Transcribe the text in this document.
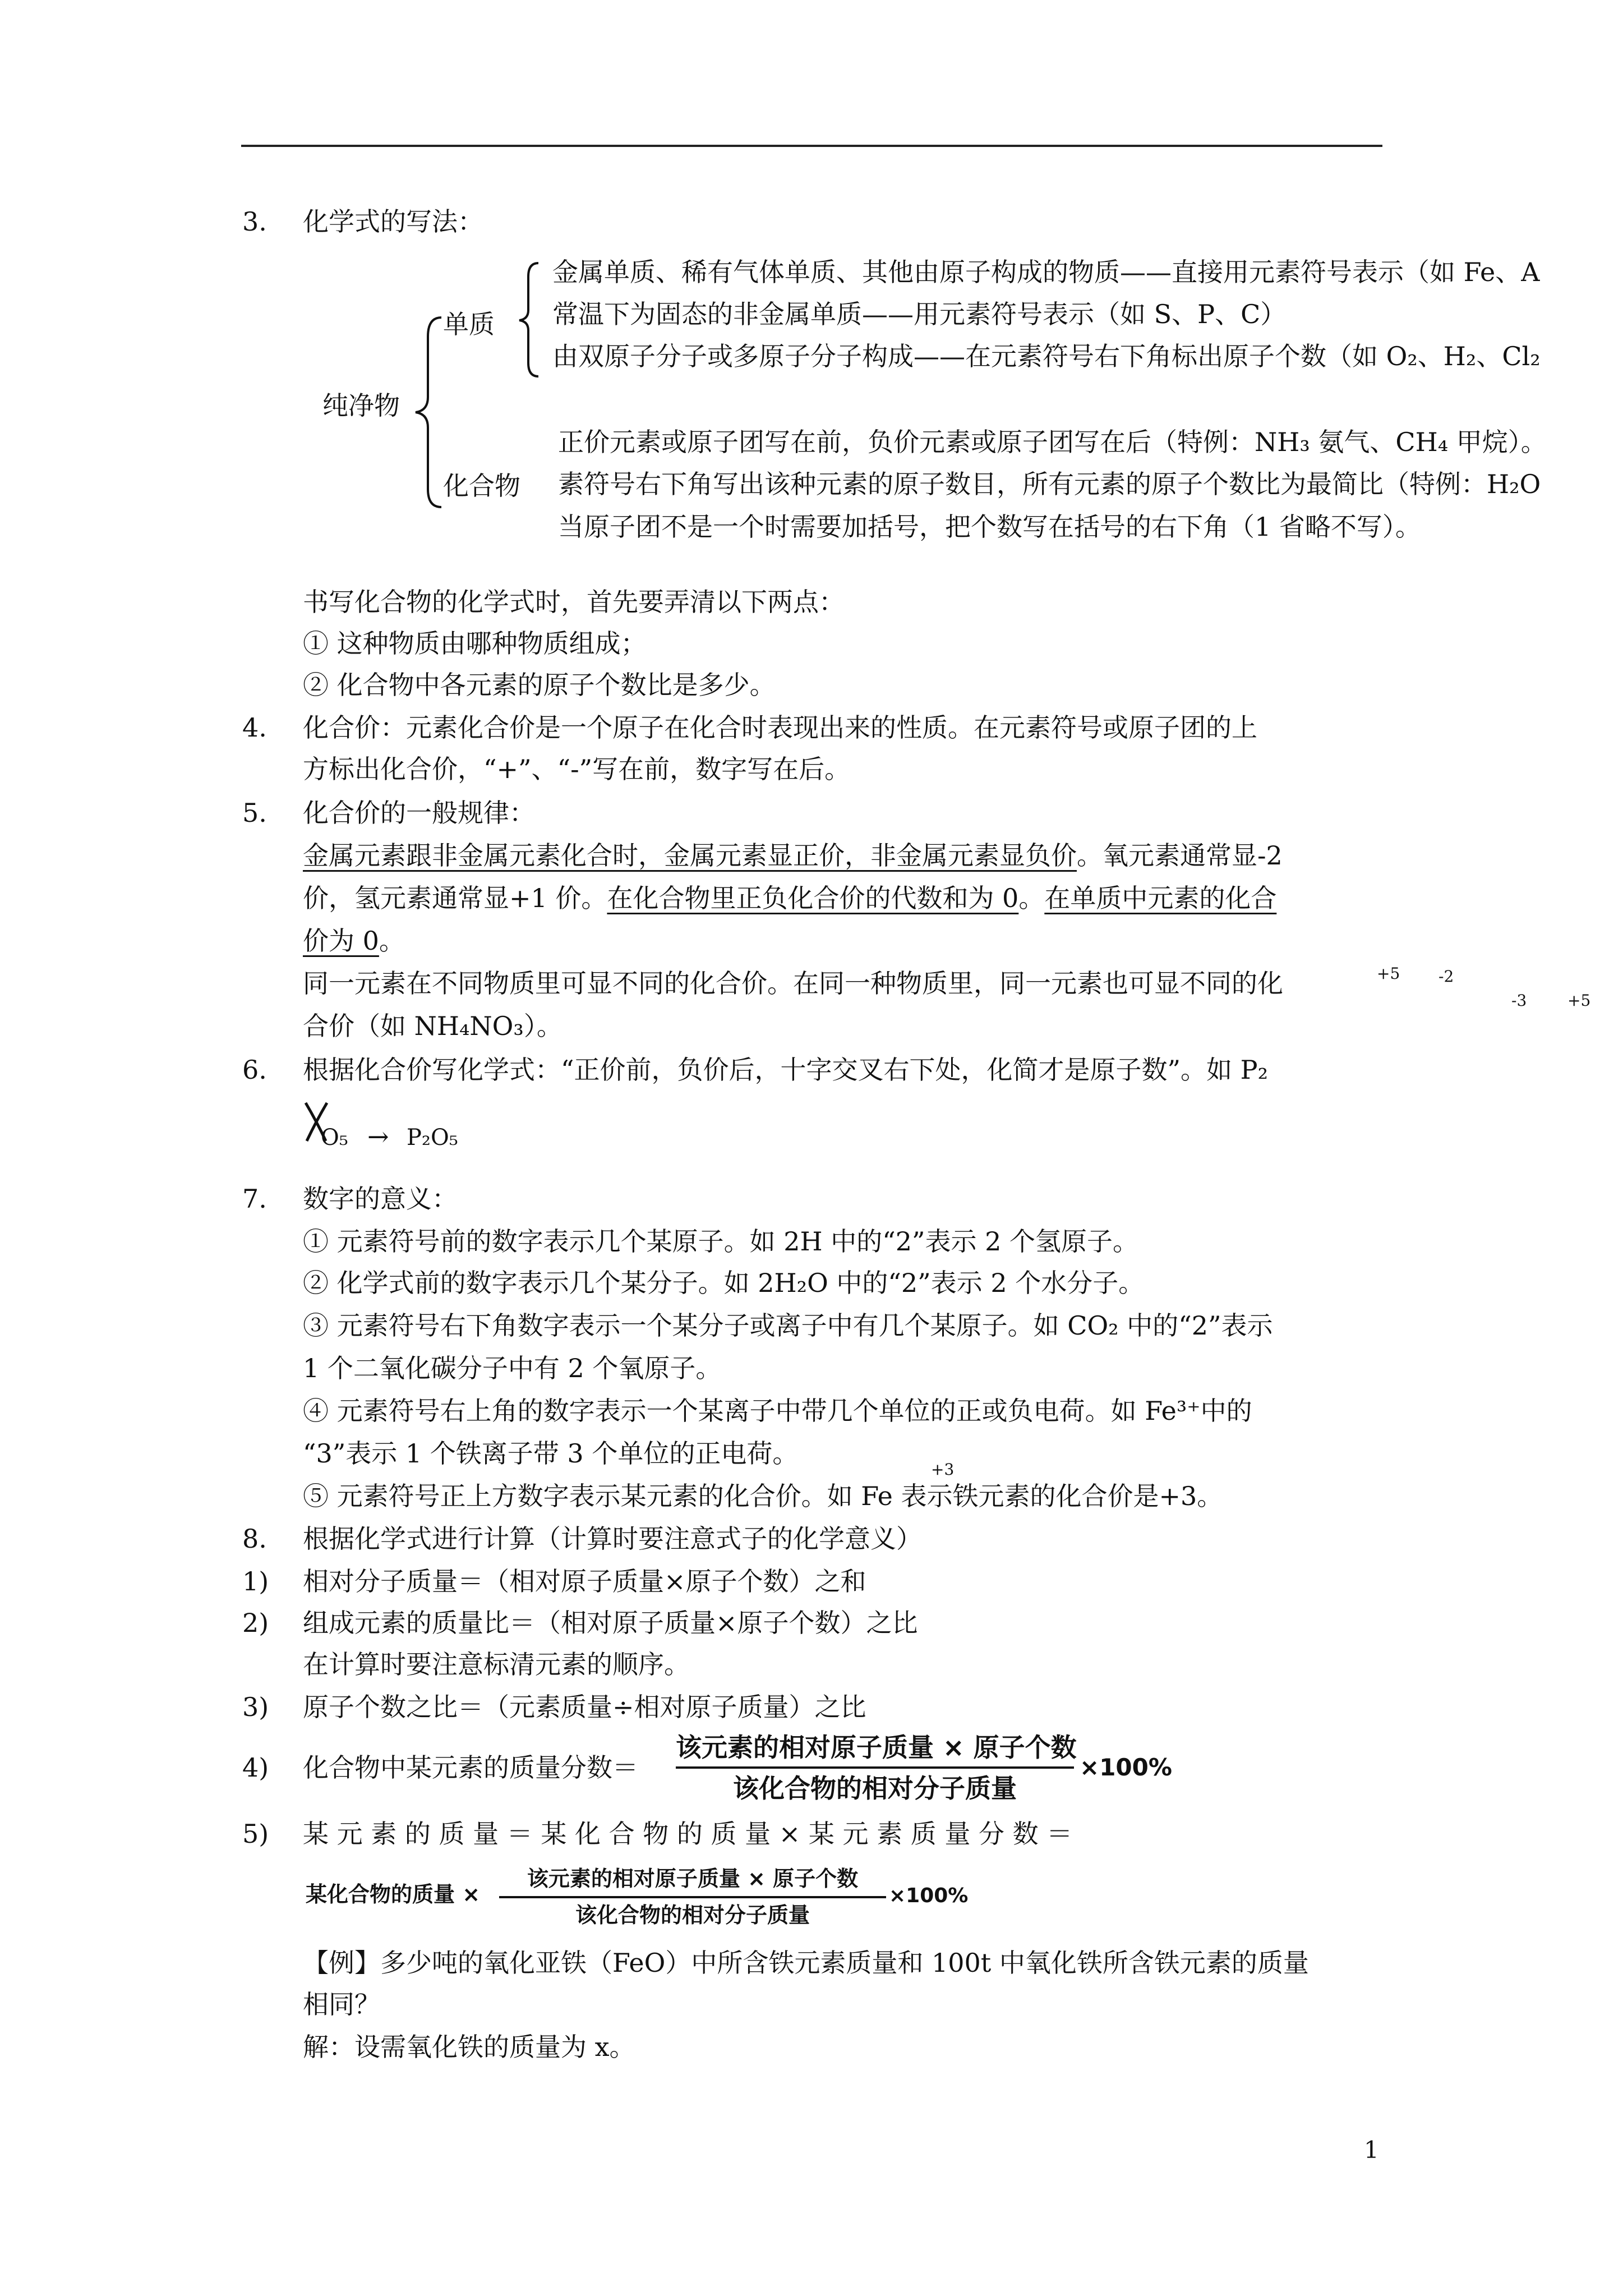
3. 化学式的写法：
纯净物
单质
金属单质、稀有气体单质、其他由原子构成的物质——直接用元素符号表示（如 Fe、A
常温下为固态的非金属单质——用元素符号表示（如 S、P、C）
由双原子分子或多原子分子构成——在元素符号右下角标出原子个数（如 O₂、H₂、Cl₂
化合物
正价元素或原子团写在前，负价元素或原子团写在后（特例：NH₃ 氨气、CH₄ 甲烷）。
素符号右下角写出该种元素的原子数目，所有元素的原子个数比为最简比（特例：H₂O
当原子团不是一个时需要加括号，把个数写在括号的右下角（1 省略不写）。
书写化合物的化学式时，首先要弄清以下两点：
① 这种物质由哪种物质组成；
② 化合物中各元素的原子个数比是多少。
4. 化合价：元素化合价是一个原子在化合时表现出来的性质。在元素符号或原子团的上
方标出化合价，“+”、“-”写在前，数字写在后。
5. 化合价的一般规律：
金属元素跟非金属元素化合时，金属元素显正价，非金属元素显负价。氧元素通常显-2
价，氢元素通常显+1 价。在化合物里正负化合价的代数和为 0。在单质中元素的化合
价为 0。
同一元素在不同物质里可显不同的化合价。在同一种物质里，同一元素也可显不同的化	+5 -2
合价（如 NH₄NO₃）。
-3	+5
6. 根据化合价写化学式：“正价前，负价后，十字交叉右下处，化简才是原子数”。如 P₂
O₅ → P₂O₅
7. 数字的意义：
① 元素符号前的数字表示几个某原子。如 2H 中的“2”表示 2 个氢原子。
② 化学式前的数字表示几个某分子。如 2H₂O 中的“2”表示 2 个水分子。
③ 元素符号右下角数字表示一个某分子或离子中有几个某原子。如 CO₂ 中的“2”表示
1 个二氧化碳分子中有 2 个氧原子。
④ 元素符号右上角的数字表示一个某离子中带几个单位的正或负电荷。如 Fe³⁺中的
“3”表示 1 个铁离子带 3 个单位的正电荷。
+3
⑤ 元素符号正上方数字表示某元素的化合价。如 Fe 表示铁元素的化合价是+3。
8. 根据化学式进行计算（计算时要注意式子的化学意义）
1) 相对分子质量＝（相对原子质量×原子个数）之和
2) 组成元素的质量比＝（相对原子质量×原子个数）之比
在计算时要注意标清元素的顺序。
3) 原子个数之比＝（元素质量÷相对原子质量）之比
4) 化合物中某元素的质量分数＝
该元素的相对原子质量 × 原子个数
该化合物的相对分子质量
×100%
5) 某 元 素 的 质 量 ＝ 某 化 合 物 的 质 量 × 某 元 素 质 量 分 数 ＝
某化合物的质量 ×
该元素的相对原子质量 × 原子个数
该化合物的相对分子质量
×100%
【例】多少吨的氧化亚铁（FeO）中所含铁元素质量和 100t 中氧化铁所含铁元素的质量
相同？
解：设需氧化铁的质量为 x。
1
